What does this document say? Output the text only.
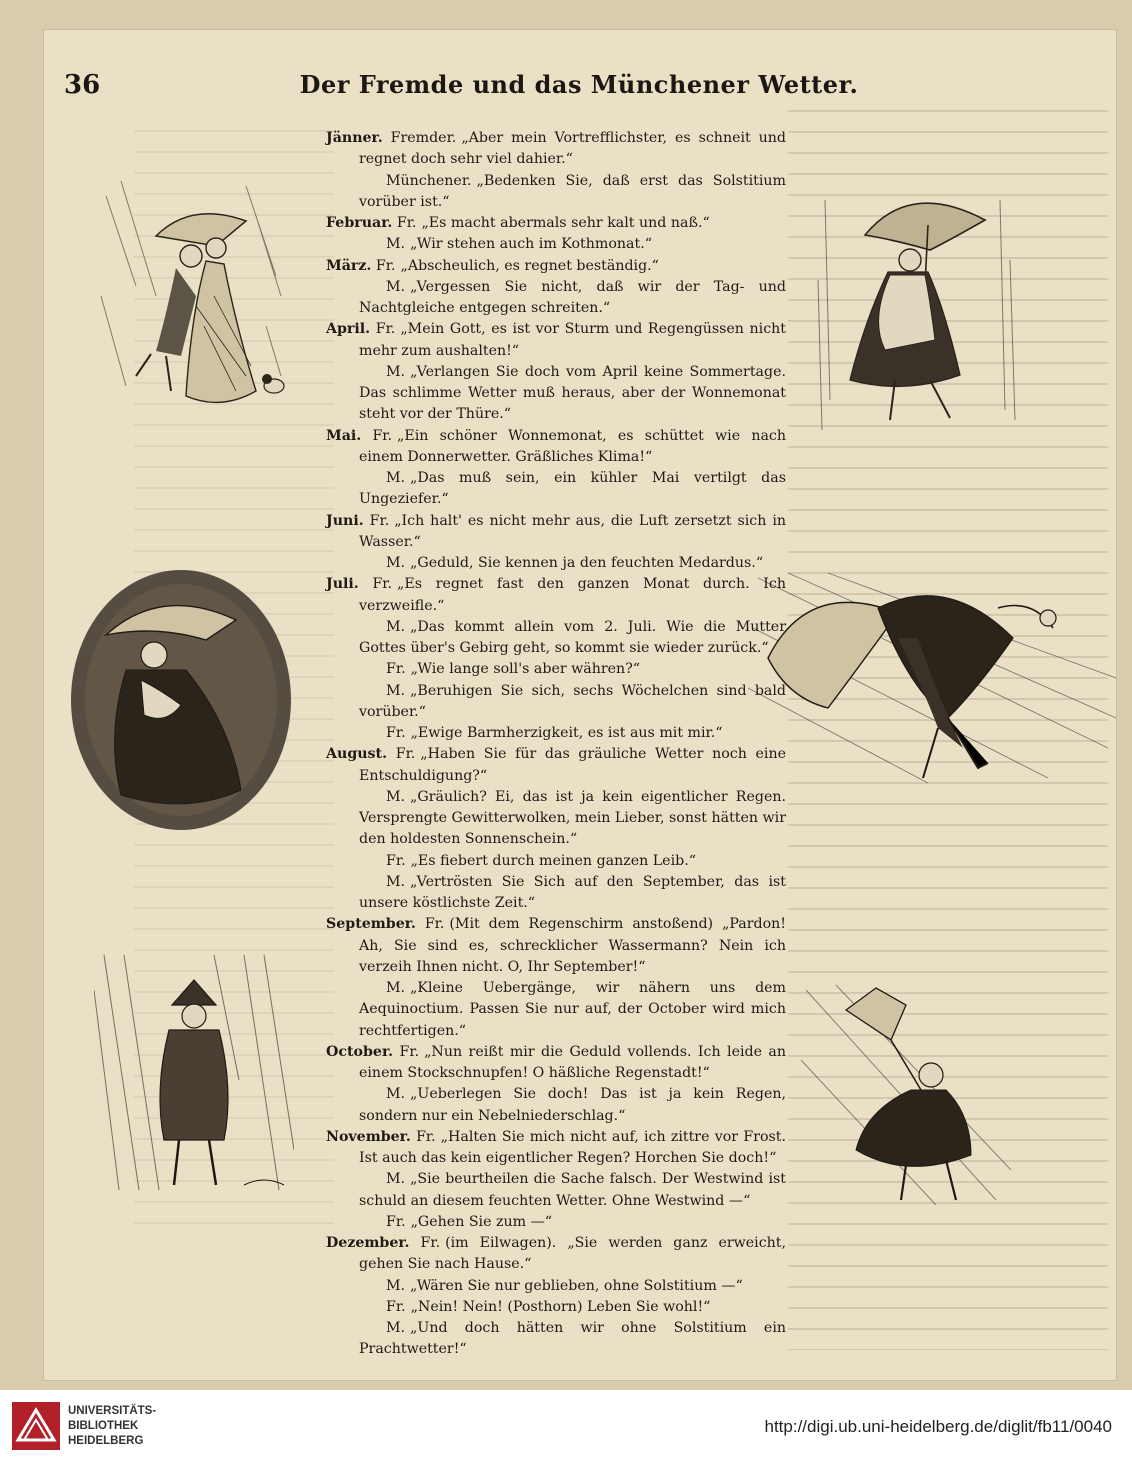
36	Der Fremde und das Münchener Wetter.

Jänner. Fremder. „Aber mein Vortrefflichster, es schneit und regnet doch sehr viel dahier.“

Münchener. „Bedenken Sie, daß erst das Solstitium vorüber ist.“

Februar. Fr. „Es macht abermals sehr kalt und naß.“

M. „Wir stehen auch im Kothmonat.“

März. Fr. „Abscheulich, es regnet beständig.“

M. „Vergessen Sie nicht, daß wir der Tag- und Nachtgleiche entgegen schreiten.“

April. Fr. „Mein Gott, es ist vor Sturm und Regengüssen nicht mehr zum aushalten!“

M. „Verlangen Sie doch vom April keine Sommertage. Das schlimme Wetter muß heraus, aber der Wonnemonat steht vor der Thüre.“

Mai. Fr. „Ein schöner Wonnemonat, es schüttet wie nach einem Donnerwetter. Gräßliches Klima!“

M. „Das muß sein, ein kühler Mai vertilgt das Ungeziefer.“

Juni. Fr. „Ich halt' es nicht mehr aus, die Luft zersetzt sich in Wasser.“

M. „Geduld, Sie kennen ja den feuchten Medardus.“

Juli. Fr. „Es regnet fast den ganzen Monat durch. Ich verzweifle.“

M. „Das kommt allein vom 2. Juli. Wie die Mutter Gottes über's Gebirg geht, so kommt sie wieder zurück.“

Fr. „Wie lange soll's aber währen?“

M. „Beruhigen Sie sich, sechs Wöchelchen sind bald vorüber.“

Fr. „Ewige Barmherzigkeit, es ist aus mit mir.“

August. Fr. „Haben Sie für das gräuliche Wetter noch eine Entschuldigung?“

M. „Gräulich? Ei, das ist ja kein eigentlicher Regen. Versprengte Gewitterwolken, mein Lieber, sonst hätten wir den holdesten Sonnenschein.“

Fr. „Es fiebert durch meinen ganzen Leib.“

M. „Vertrösten Sie Sich auf den September, das ist unsere köstlichste Zeit.“

September. Fr. (Mit dem Regenschirm anstoßend) „Pardon! Ah, Sie sind es, schrecklicher Wassermann? Nein ich verzeih Ihnen nicht. O, Ihr September!“

M. „Kleine Uebergänge, wir nähern uns dem Aequinoctium. Passen Sie nur auf, der October wird mich rechtfertigen.“

October. Fr. „Nun reißt mir die Geduld vollends. Ich leide an einem Stockschnupfen! O häßliche Regenstadt!“

M. „Ueberlegen Sie doch! Das ist ja kein Regen, sondern nur ein Nebelniederschlag.“

November. Fr. „Halten Sie mich nicht auf, ich zittre vor Frost. Ist auch das kein eigentlicher Regen? Horchen Sie doch!“

M. „Sie beurtheilen die Sache falsch. Der Westwind ist schuld an diesem feuchten Wetter. Ohne Westwind —“

Fr. „Gehen Sie zum —“

Dezember. Fr. (im Eilwagen). „Sie werden ganz erweicht, gehen Sie nach Hause.“

M. „Wären Sie nur geblieben, ohne Solstitium —“

Fr. „Nein! Nein! (Posthorn) Leben Sie wohl!“

M. „Und doch hätten wir ohne Solstitium ein Prachtwetter!“

UNIVERSITÄTS-
BIBLIOTHEK
HEIDELBERG
http://digi.ub.uni-heidelberg.de/diglit/fb11/0040
